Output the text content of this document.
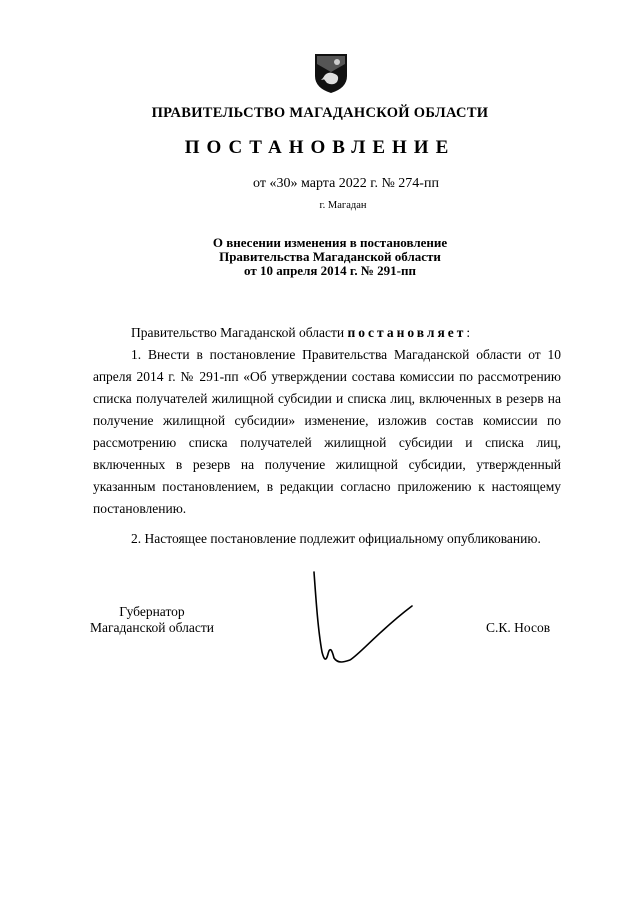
ПРАВИТЕЛЬСТВО МАГАДАНСКОЙ ОБЛАСТИ
ПОСТАНОВЛЕНИЕ
от «30» марта 2022 г. № 274-пп
г. Магадан
О внесении изменения в постановление
Правительства Магаданской области
от 10 апреля 2014 г. № 291-пп

Правительство Магаданской области постановляет:

1. Внести в постановление Правительства Магаданской области от 10 апреля 2014 г. № 291-пп «Об утверждении состава комиссии по рассмотрению списка получателей жилищной субсидии и списка лиц, включенных в резерв на получение жилищной субсидии» изменение, изложив состав комиссии по рассмотрению списка получателей жилищной субсидии и списка лиц, включенных в резерв на получение жилищной субсидии, утвержденный указанным постановлением, в редакции согласно приложению к настоящему постановлению.

2. Настоящее постановление подлежит официальному опубликованию.

Губернатор
Магаданской области	С.К. Носов
